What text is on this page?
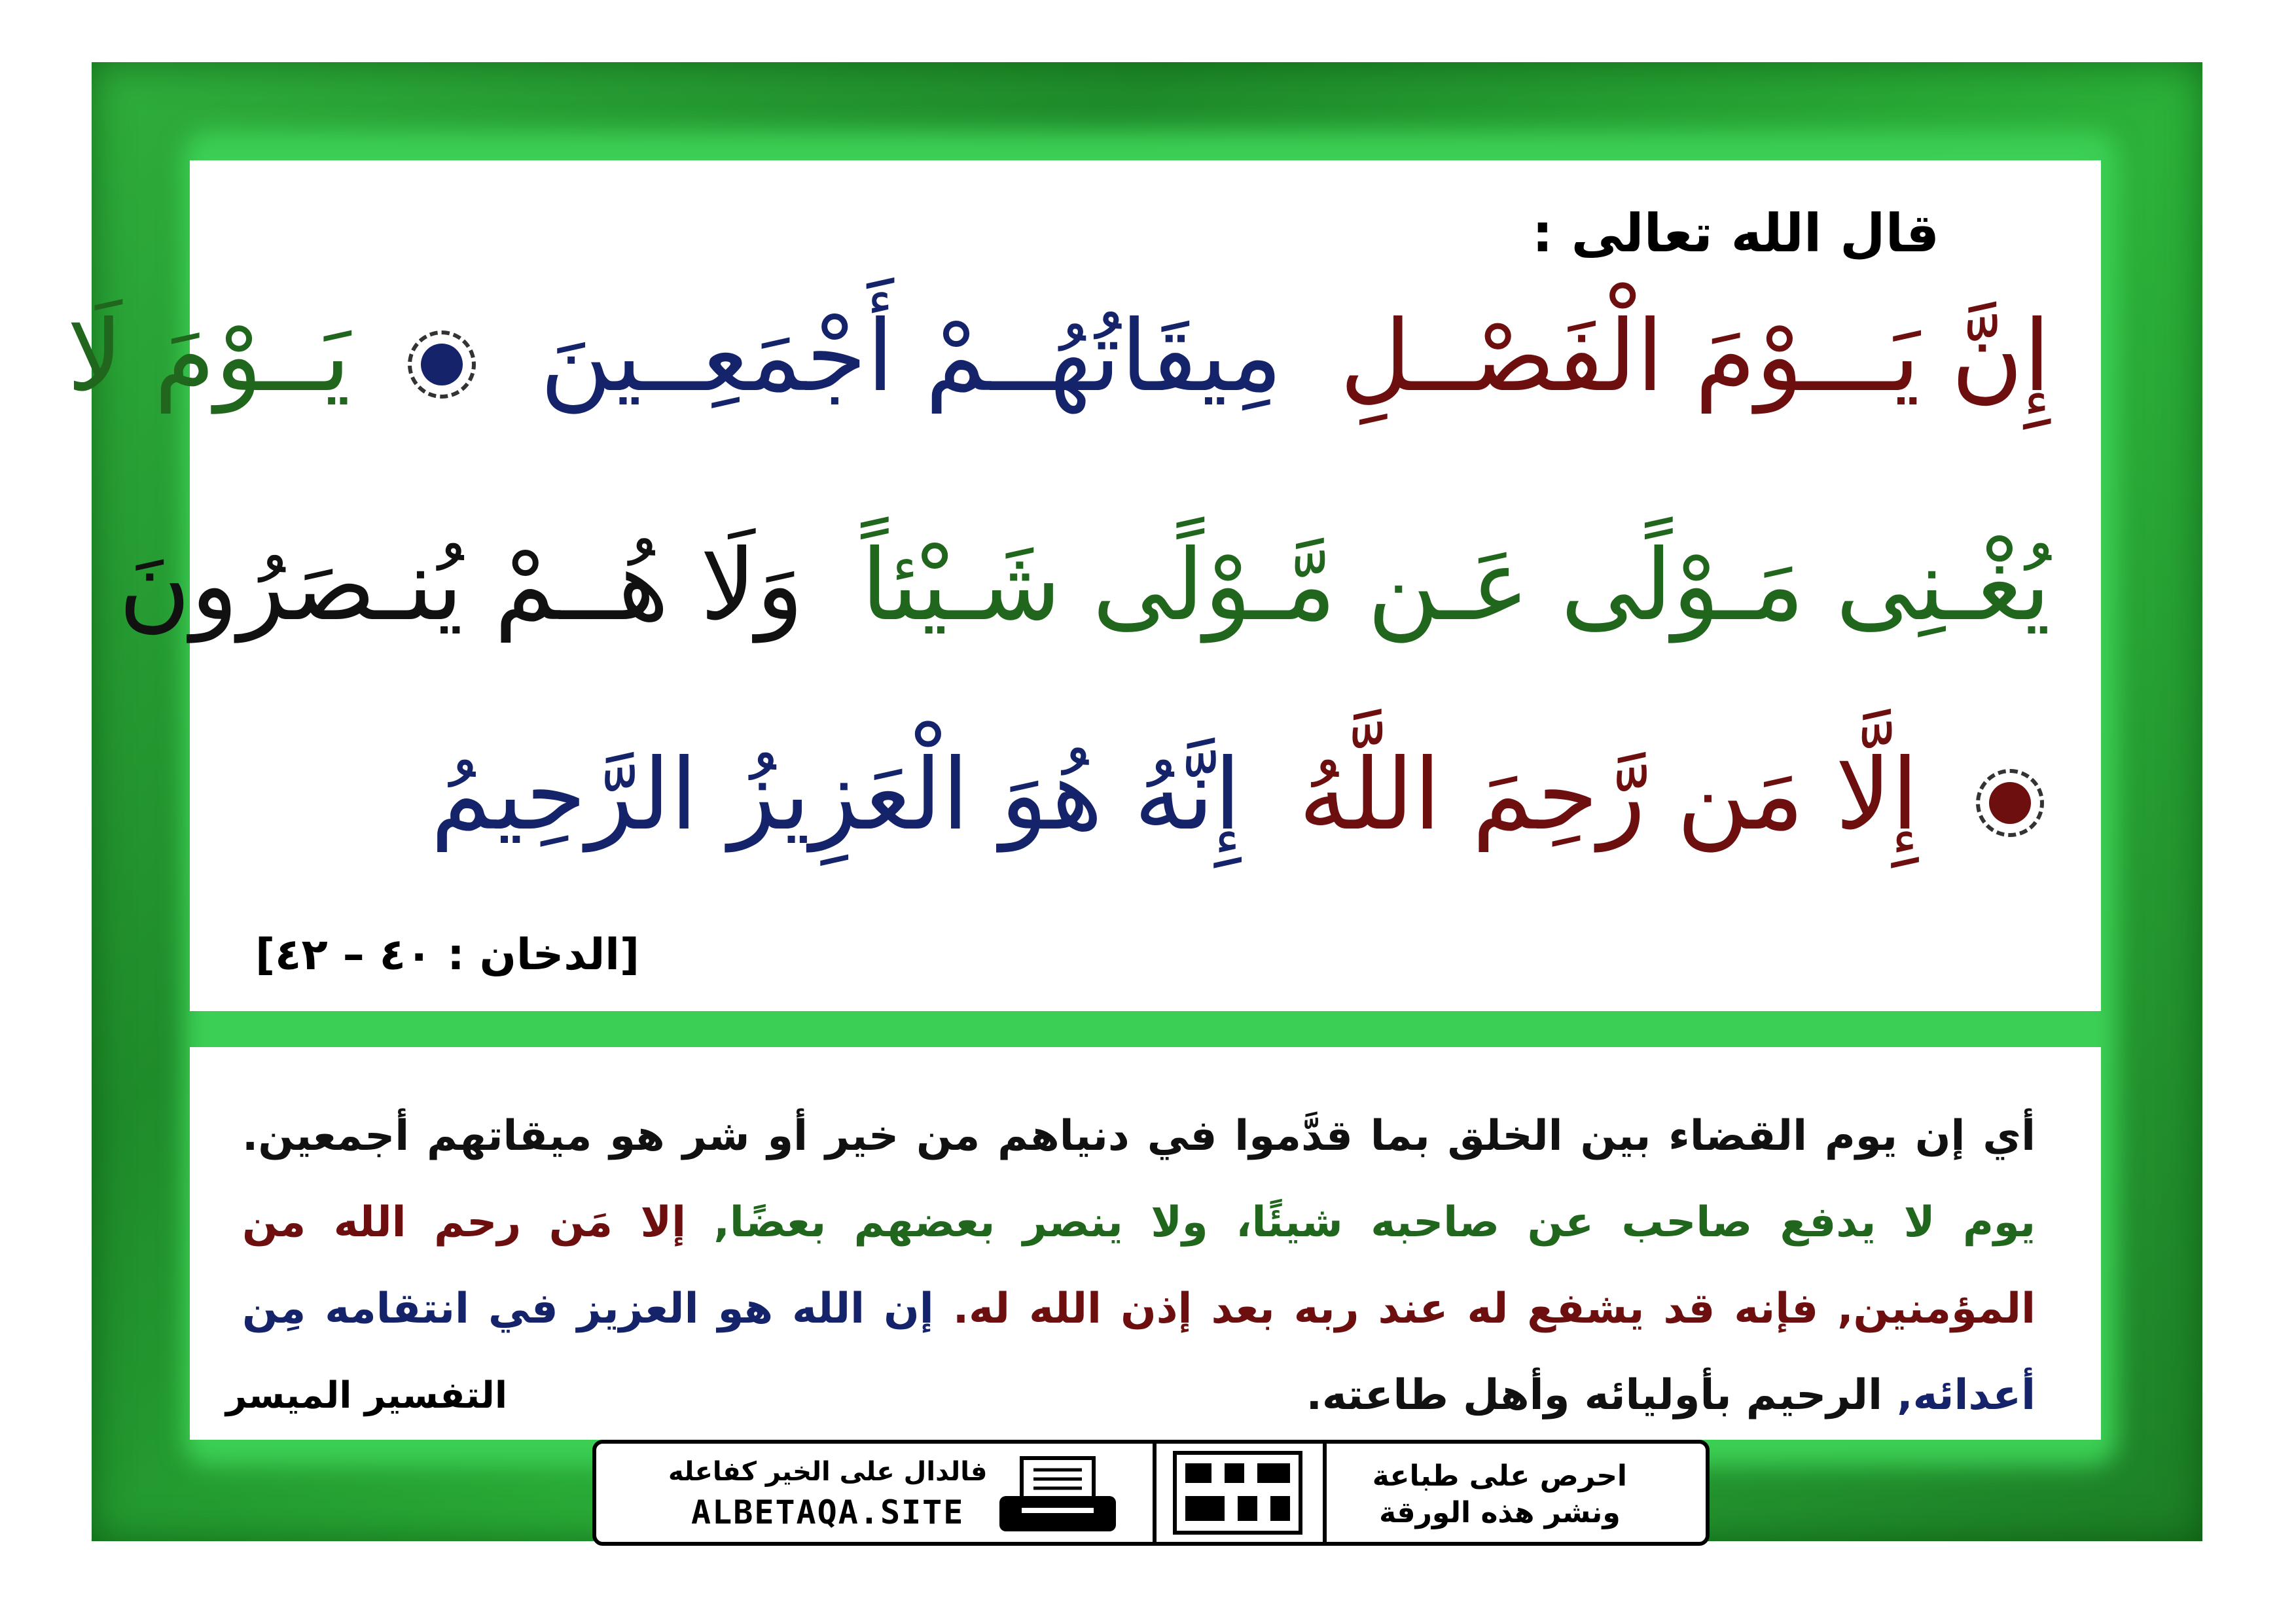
قال الله تعالى :
إِنَّ يَـــوْمَ الْفَصْــلِ مِيقَاتُهُــمْ أَجْمَعِــينَ
يَــوْمَ لَا
يُغْـنِى مَـوْلًى عَـن مَّـوْلًى شَـيْئاً وَلَا هُــمْ يُنـصَرُونَ
إِلَّا مَن رَّحِمَ اللَّهُ إِنَّهُ هُوَ الْعَزِيزُ الرَّحِيمُ
[الدخان : ٤٠ – ٤٢]
أي إن يوم القضاء بين الخلق بما قدَّموا في دنياهم من خير أو شر هو ميقاتهم أجمعين. يوم لا يدفع صاحب عن صاحبه شيئًا، ولا ينصر بعضهم بعضًا, إلا مَن رحم الله من المؤمنين, فإنه قد يشفع له عند ربه بعد إذن الله له. إن الله هو العزيز في انتقامه مِن أعدائه, الرحيم بأوليائه وأهل طاعته.
التفسير الميسر
فالدال على الخير كفاعله
ALBETAQA.SITE
احرص على طباعة
ونشر هذه الورقة
